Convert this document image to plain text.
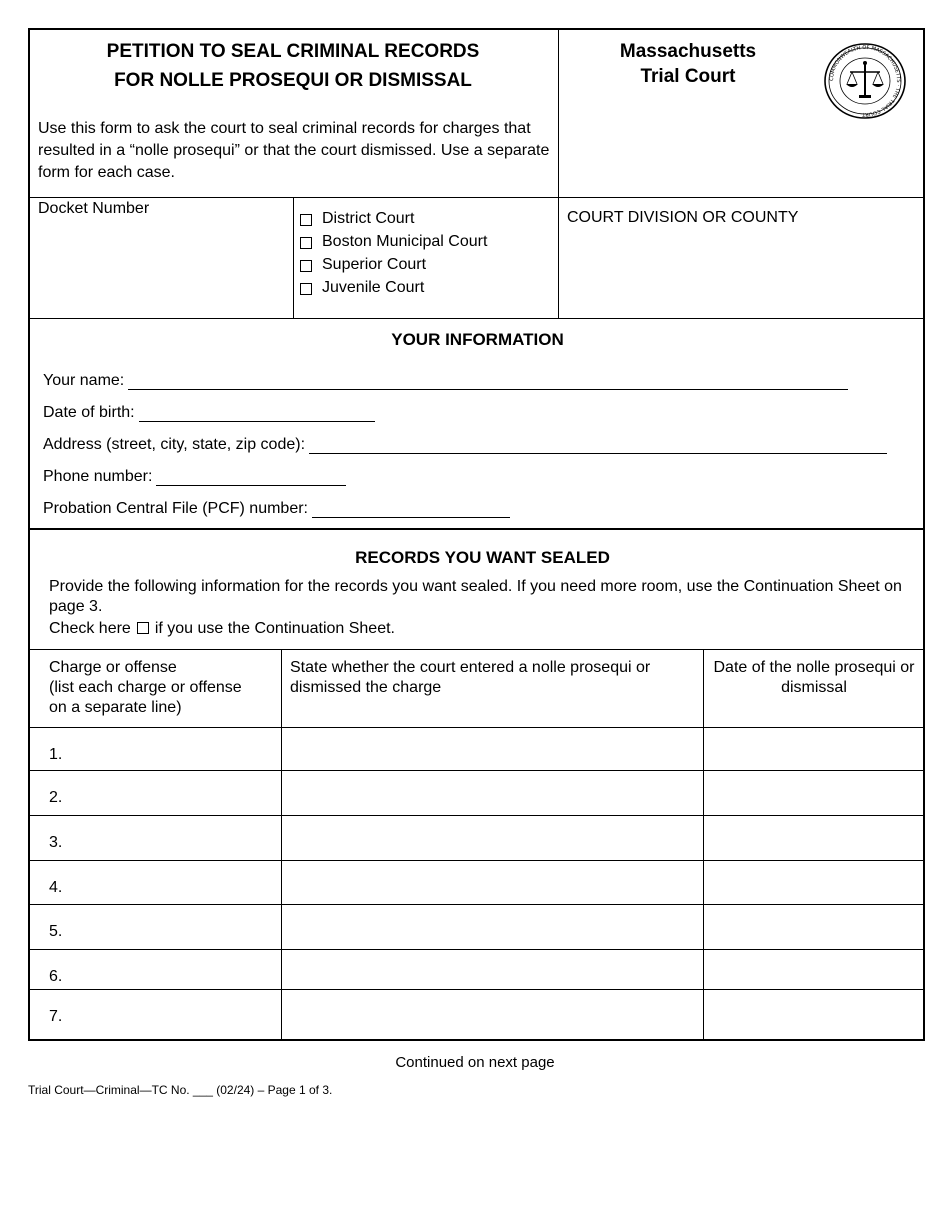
PETITION TO SEAL CRIMINAL RECORDS
FOR NOLLE PROSEQUI OR DISMISSAL
Use this form to ask the court to seal criminal records for charges that resulted in a “nolle prosequi” or that the court dismissed. Use a separate form for each case.
Massachusetts
Trial Court	COMMONWEALTH OF MASSACHUSETTS · THE TRIAL COURT
Docket Number
District Court
Boston Municipal Court
Superior Court
Juvenile Court
COURT DIVISION OR COUNTY
YOUR INFORMATION
Your name:
Date of birth:
Address (street, city, state, zip code):
Phone number:
Probation Central File (PCF) number:
RECORDS YOU WANT SEALED
Provide the following information for the records you want sealed. If you need more room, use the Continuation Sheet on page 3.
Check here if you use the Continuation Sheet.
Charge or offense
(list each charge or offense
on a separate line)
State whether the court entered a nolle prosequi or dismissed the charge
Date of the nolle prosequi or dismissal
1.
2.
3.
4.
5.
6.
7.
Continued on next page
Trial Court—Criminal—TC No. ___ (02/24) – Page 1 of 3.
